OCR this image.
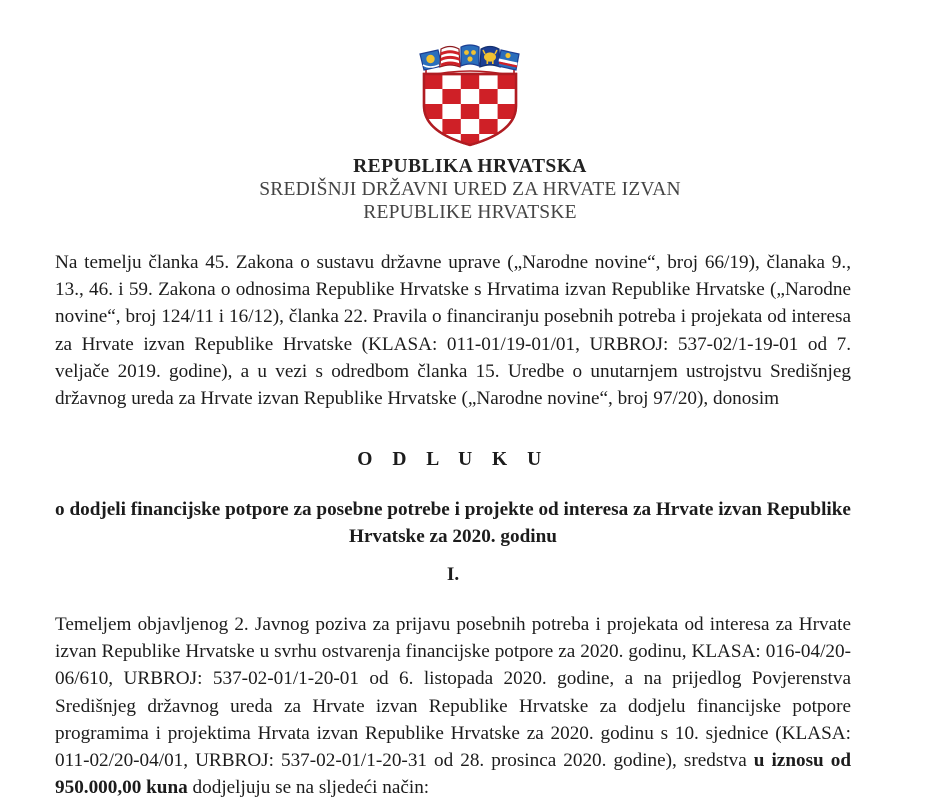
REPUBLIKA HRVATSKA
SREDIŠNJI DRŽAVNI URED ZA HRVATE IZVAN
REPUBLIKE HRVATSKE

Na temelju članka 45. Zakona o sustavu državne uprave („Narodne novine“, broj 66/19), članaka 9., 13., 46. i 59. Zakona o odnosima Republike Hrvatske s Hrvatima izvan Republike Hrvatske („Narodne novine“, broj 124/11 i 16/12), članka 22. Pravila o financiranju posebnih potreba i projekata od interesa za Hrvate izvan Republike Hrvatske (KLASA: 011-01/19-01/01, URBROJ: 537-02/1-19-01 od 7. veljače 2019. godine), a u vezi s odredbom članka 15. Uredbe o unutarnjem ustrojstvu Središnjeg državnog ureda za Hrvate izvan Republike Hrvatske („Narodne novine“, broj 97/20), donosim

O D L U K U
o dodjeli financijske potpore za posebne potrebe i projekte od interesa za Hrvate izvan Republike Hrvatske za 2020. godinu
I.

Temeljem objavljenog 2. Javnog poziva za prijavu posebnih potreba i projekata od interesa za Hrvate izvan Republike Hrvatske u svrhu ostvarenja financijske potpore za 2020. godinu, KLASA: 016-04/20-06/610, URBROJ: 537-02-01/1-20-01 od 6. listopada 2020. godine, a na prijedlog Povjerenstva Središnjeg državnog ureda za Hrvate izvan Republike Hrvatske za dodjelu financijske potpore programima i projektima Hrvata izvan Republike Hrvatske za 2020. godinu s 10. sjednice (KLASA: 011-02/20-04/01, URBROJ: 537-02-01/1-20-31 od 28. prosinca 2020. godine), sredstva u iznosu od 950.000,00 kuna dodjeljuju se na sljedeći način:
